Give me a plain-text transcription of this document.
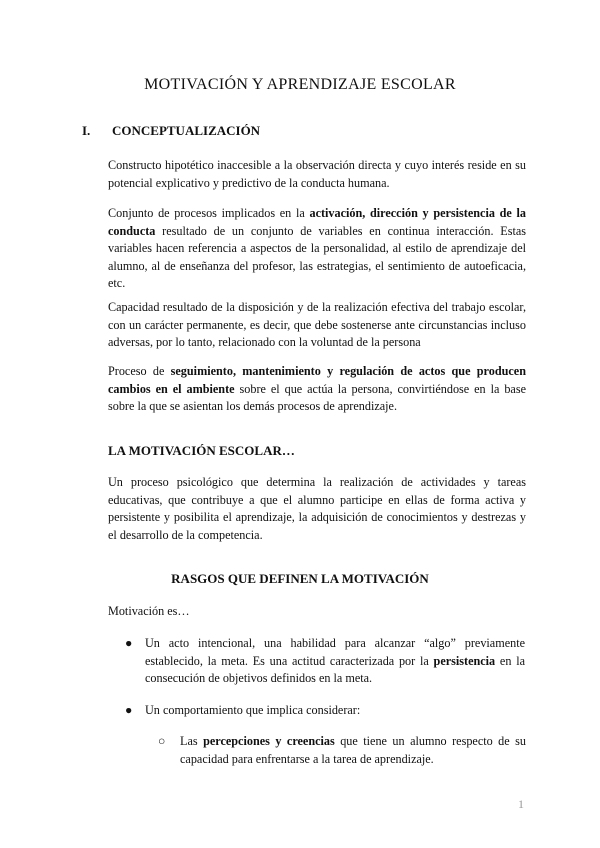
MOTIVACIÓN Y APRENDIZAJE ESCOLAR
I. CONCEPTUALIZACIÓN

Constructo hipotético inaccesible a la observación directa y cuyo interés reside en su potencial explicativo y predictivo de la conducta humana.

Conjunto de procesos implicados en la activación, dirección y persistencia de la conducta resultado de un conjunto de variables en continua interacción. Estas variables hacen referencia a aspectos de la personalidad, al estilo de aprendizaje del alumno, al de enseñanza del profesor, las estrategias, el sentimiento de autoeficacia, etc.

Capacidad resultado de la disposición y de la realización efectiva del trabajo escolar, con un carácter permanente, es decir, que debe sostenerse ante circunstancias incluso adversas, por lo tanto, relacionado con la voluntad de la persona

Proceso de seguimiento, mantenimiento y regulación de actos que producen cambios en el ambiente sobre el que actúa la persona, convirtiéndose en la base sobre la que se asientan los demás procesos de aprendizaje.

LA MOTIVACIÓN ESCOLAR…

Un proceso psicológico que determina la realización de actividades y tareas educativas, que contribuye a que el alumno participe en ellas de forma activa y persistente y posibilita el aprendizaje, la adquisición de conocimientos y destrezas y el desarrollo de la competencia.

RASGOS QUE DEFINEN LA MOTIVACIÓN

Motivación es…

●	Un acto intencional, una habilidad para alcanzar “algo” previamente establecido, la meta. Es una actitud caracterizada por la persistencia en la consecución de objetivos definidos en la meta.
●	Un comportamiento que implica considerar:
○ Las percepciones y creencias que tiene un alumno respecto de su capacidad para enfrentarse a la tarea de aprendizaje.
1
